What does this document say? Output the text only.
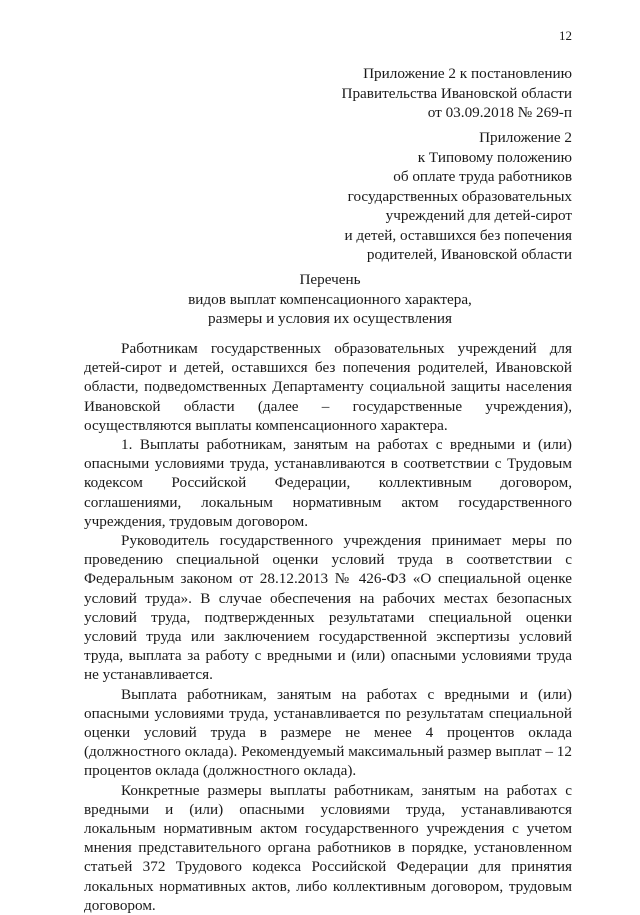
12
Приложение 2 к постановлению
Правительства Ивановской области
от 03.09.2018 № 269-п
Приложение 2
к Типовому положению
об оплате труда работников
государственных образовательных
учреждений для детей-сирот
и детей, оставшихся без попечения
родителей, Ивановской области
Перечень
видов выплат компенсационного характера,
размеры и условия их осуществления

Работникам государственных образовательных учреждений для детей-сирот и детей, оставшихся без попечения родителей, Ивановской области, подведомственных Департаменту социальной защиты населения Ивановской области (далее – государственные учреждения), осуществляются выплаты компенсационного характера.

1. Выплаты работникам, занятым на работах с вредными и (или) опасными условиями труда, устанавливаются в соответствии с Трудовым кодексом Российской Федерации, коллективным договором, соглашениями, локальным нормативным актом государственного учреждения, трудовым договором.

Руководитель государственного учреждения принимает меры по проведению специальной оценки условий труда в соответствии с Федеральным законом от 28.12.2013 № 426-ФЗ «О специальной оценке условий труда». В случае обеспечения на рабочих местах безопасных условий труда, подтвержденных результатами специальной оценки условий труда или заключением государственной экспертизы условий труда, выплата за работу с вредными и (или) опасными условиями труда не устанавливается.

Выплата работникам, занятым на работах с вредными и (или) опасными условиями труда, устанавливается по результатам специальной оценки условий труда в размере не менее 4 процентов оклада (должностного оклада). Рекомендуемый максимальный размер выплат – 12 процентов оклада (должностного оклада).

Конкретные размеры выплаты работникам, занятым на работах с вредными и (или) опасными условиями труда, устанавливаются локальным нормативным актом государственного учреждения с учетом мнения представительного органа работников в порядке, установленном статьей 372 Трудового кодекса Российской Федерации для принятия локальных нормативных актов, либо коллективным договором, трудовым договором.
